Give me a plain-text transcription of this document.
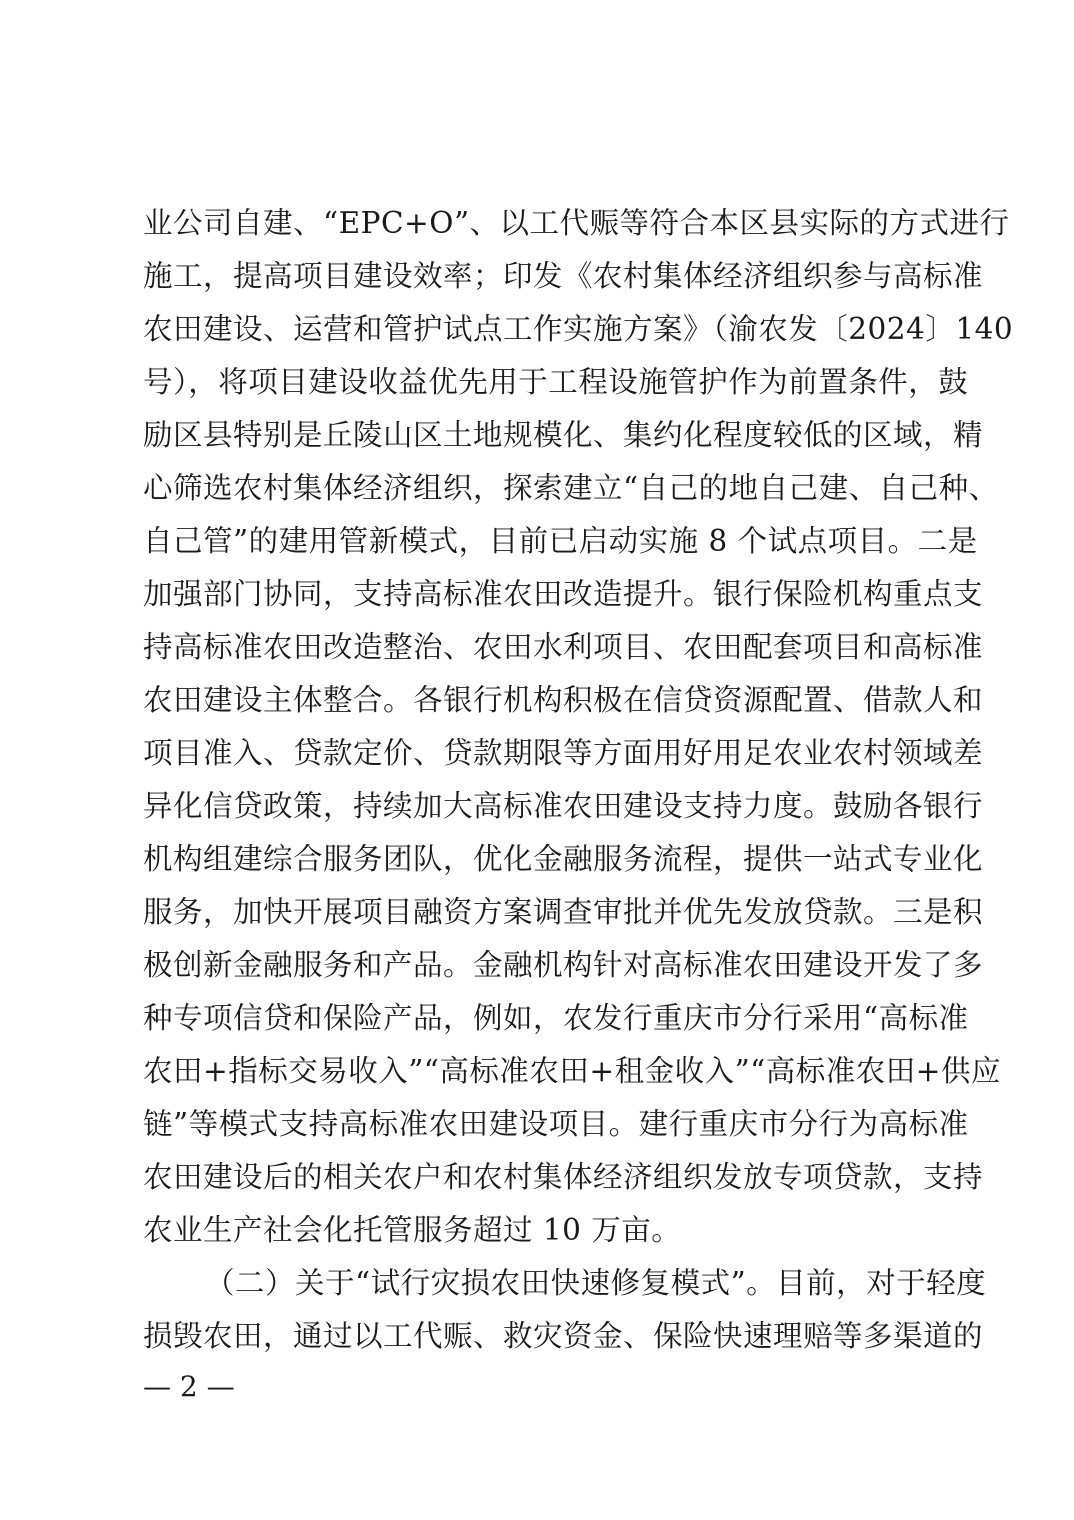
业公司自建、“EPC+O”、以工代赈等符合本区县实际的方式进行
施工，提高项目建设效率；印发《农村集体经济组织参与高标准
农田建设、运营和管护试点工作实施方案》（渝农发〔2024〕140
号），将项目建设收益优先用于工程设施管护作为前置条件，鼓
励区县特别是丘陵山区土地规模化、集约化程度较低的区域，精
心筛选农村集体经济组织，探索建立“自己的地自己建、自己种、
自己管”的建用管新模式，目前已启动实施 8 个试点项目。二是
加强部门协同，支持高标准农田改造提升。银行保险机构重点支
持高标准农田改造整治、农田水利项目、农田配套项目和高标准
农田建设主体整合。各银行机构积极在信贷资源配置、借款人和
项目准入、贷款定价、贷款期限等方面用好用足农业农村领域差
异化信贷政策，持续加大高标准农田建设支持力度。鼓励各银行
机构组建综合服务团队，优化金融服务流程，提供一站式专业化
服务，加快开展项目融资方案调查审批并优先发放贷款。三是积
极创新金融服务和产品。金融机构针对高标准农田建设开发了多
种专项信贷和保险产品，例如，农发行重庆市分行采用“高标准
农田+指标交易收入”“高标准农田+租金收入”“高标准农田+供应
链”等模式支持高标准农田建设项目。建行重庆市分行为高标准
农田建设后的相关农户和农村集体经济组织发放专项贷款，支持
农业生产社会化托管服务超过 10 万亩。
（二）关于“试行灾损农田快速修复模式”。目前，对于轻度
损毁农田，通过以工代赈、救灾资金、保险快速理赔等多渠道的
— 2 —
